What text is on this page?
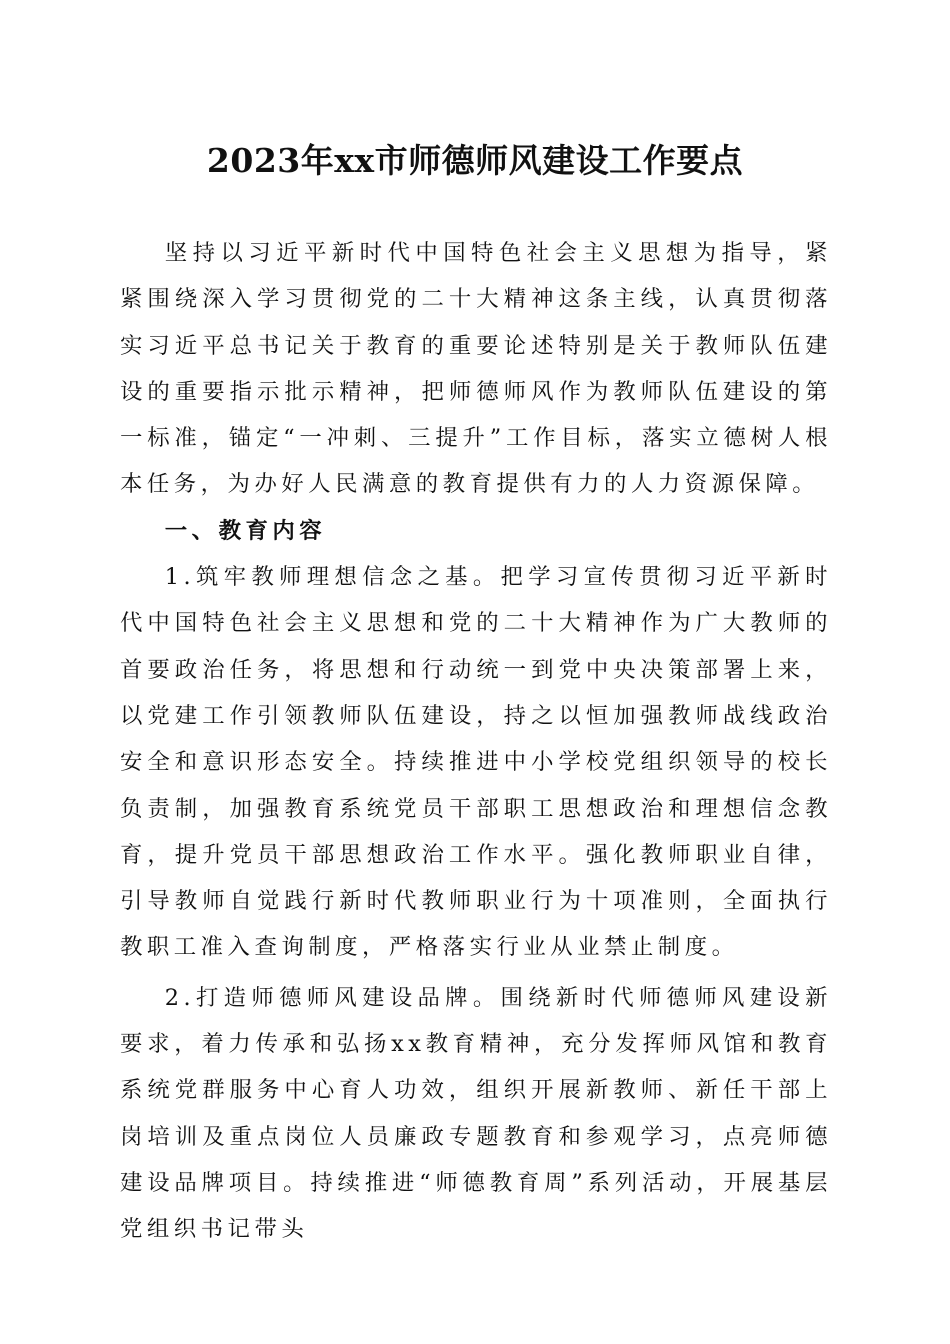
2023年xx市师德师风建设工作要点

坚持以习近平新时代中国特色社会主义思想为指导，紧紧围绕深入学习贯彻党的二十大精神这条主线，认真贯彻落实习近平总书记关于教育的重要论述特别是关于教师队伍建设的重要指示批示精神，把师德师风作为教师队伍建设的第一标准，锚定“一冲刺、三提升”工作目标，落实立德树人根本任务，为办好人民满意的教育提供有力的人力资源保障。

一、教育内容

1.筑牢教师理想信念之基。把学习宣传贯彻习近平新时代中国特色社会主义思想和党的二十大精神作为广大教师的首要政治任务，将思想和行动统一到党中央决策部署上来，以党建工作引领教师队伍建设，持之以恒加强教师战线政治安全和意识形态安全。持续推进中小学校党组织领导的校长负责制，加强教育系统党员干部职工思想政治和理想信念教育，提升党员干部思想政治工作水平。强化教师职业自律，引导教师自觉践行新时代教师职业行为十项准则，全面执行教职工准入查询制度，严格落实行业从业禁止制度。

2.打造师德师风建设品牌。围绕新时代师德师风建设新要求，着力传承和弘扬xx教育精神，充分发挥师风馆和教育系统党群服务中心育人功效，组织开展新教师、新任干部上岗培训及重点岗位人员廉政专题教育和参观学习，点亮师德建设品牌项目。持续推进“师德教育周”系列活动，开展基层党组织书记带头
